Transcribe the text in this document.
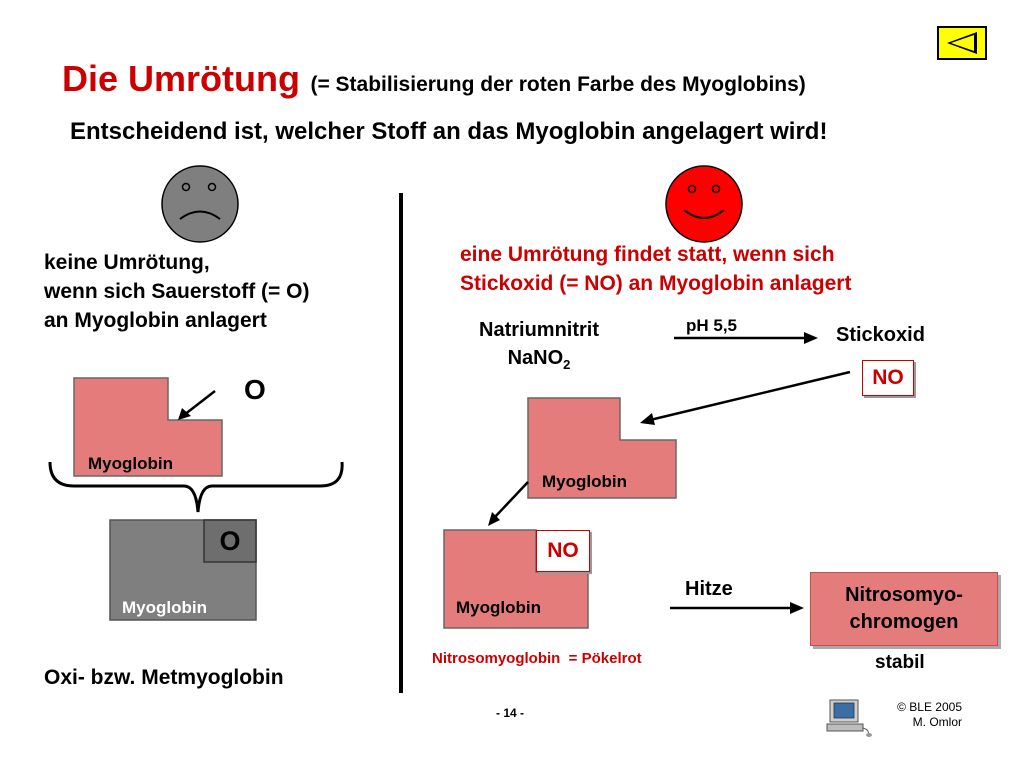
Die Umrötung (= Stabilisierung der roten Farbe des Myoglobins)
Entscheidend ist, welcher Stoff an das Myoglobin angelagert wird!
keine Umrötung,
wenn sich Sauerstoff (= O)
an Myoglobin anlagert
Myoglobin
O
O
Myoglobin
Oxi- bzw. Metmyoglobin
eine Umrötung findet statt, wenn sich
Stickoxid (= NO) an Myoglobin anlagert
Natriumnitrit
NaNO$_2$
pH 5,5	Stickoxid
NO
Myoglobin
NO
Myoglobin
Nitrosomyoglobin  = Pökelrot
Hitze	Nitrosomyo-
chromogen
stabil
- 14 -	© BLE 2005
M. Omlor
